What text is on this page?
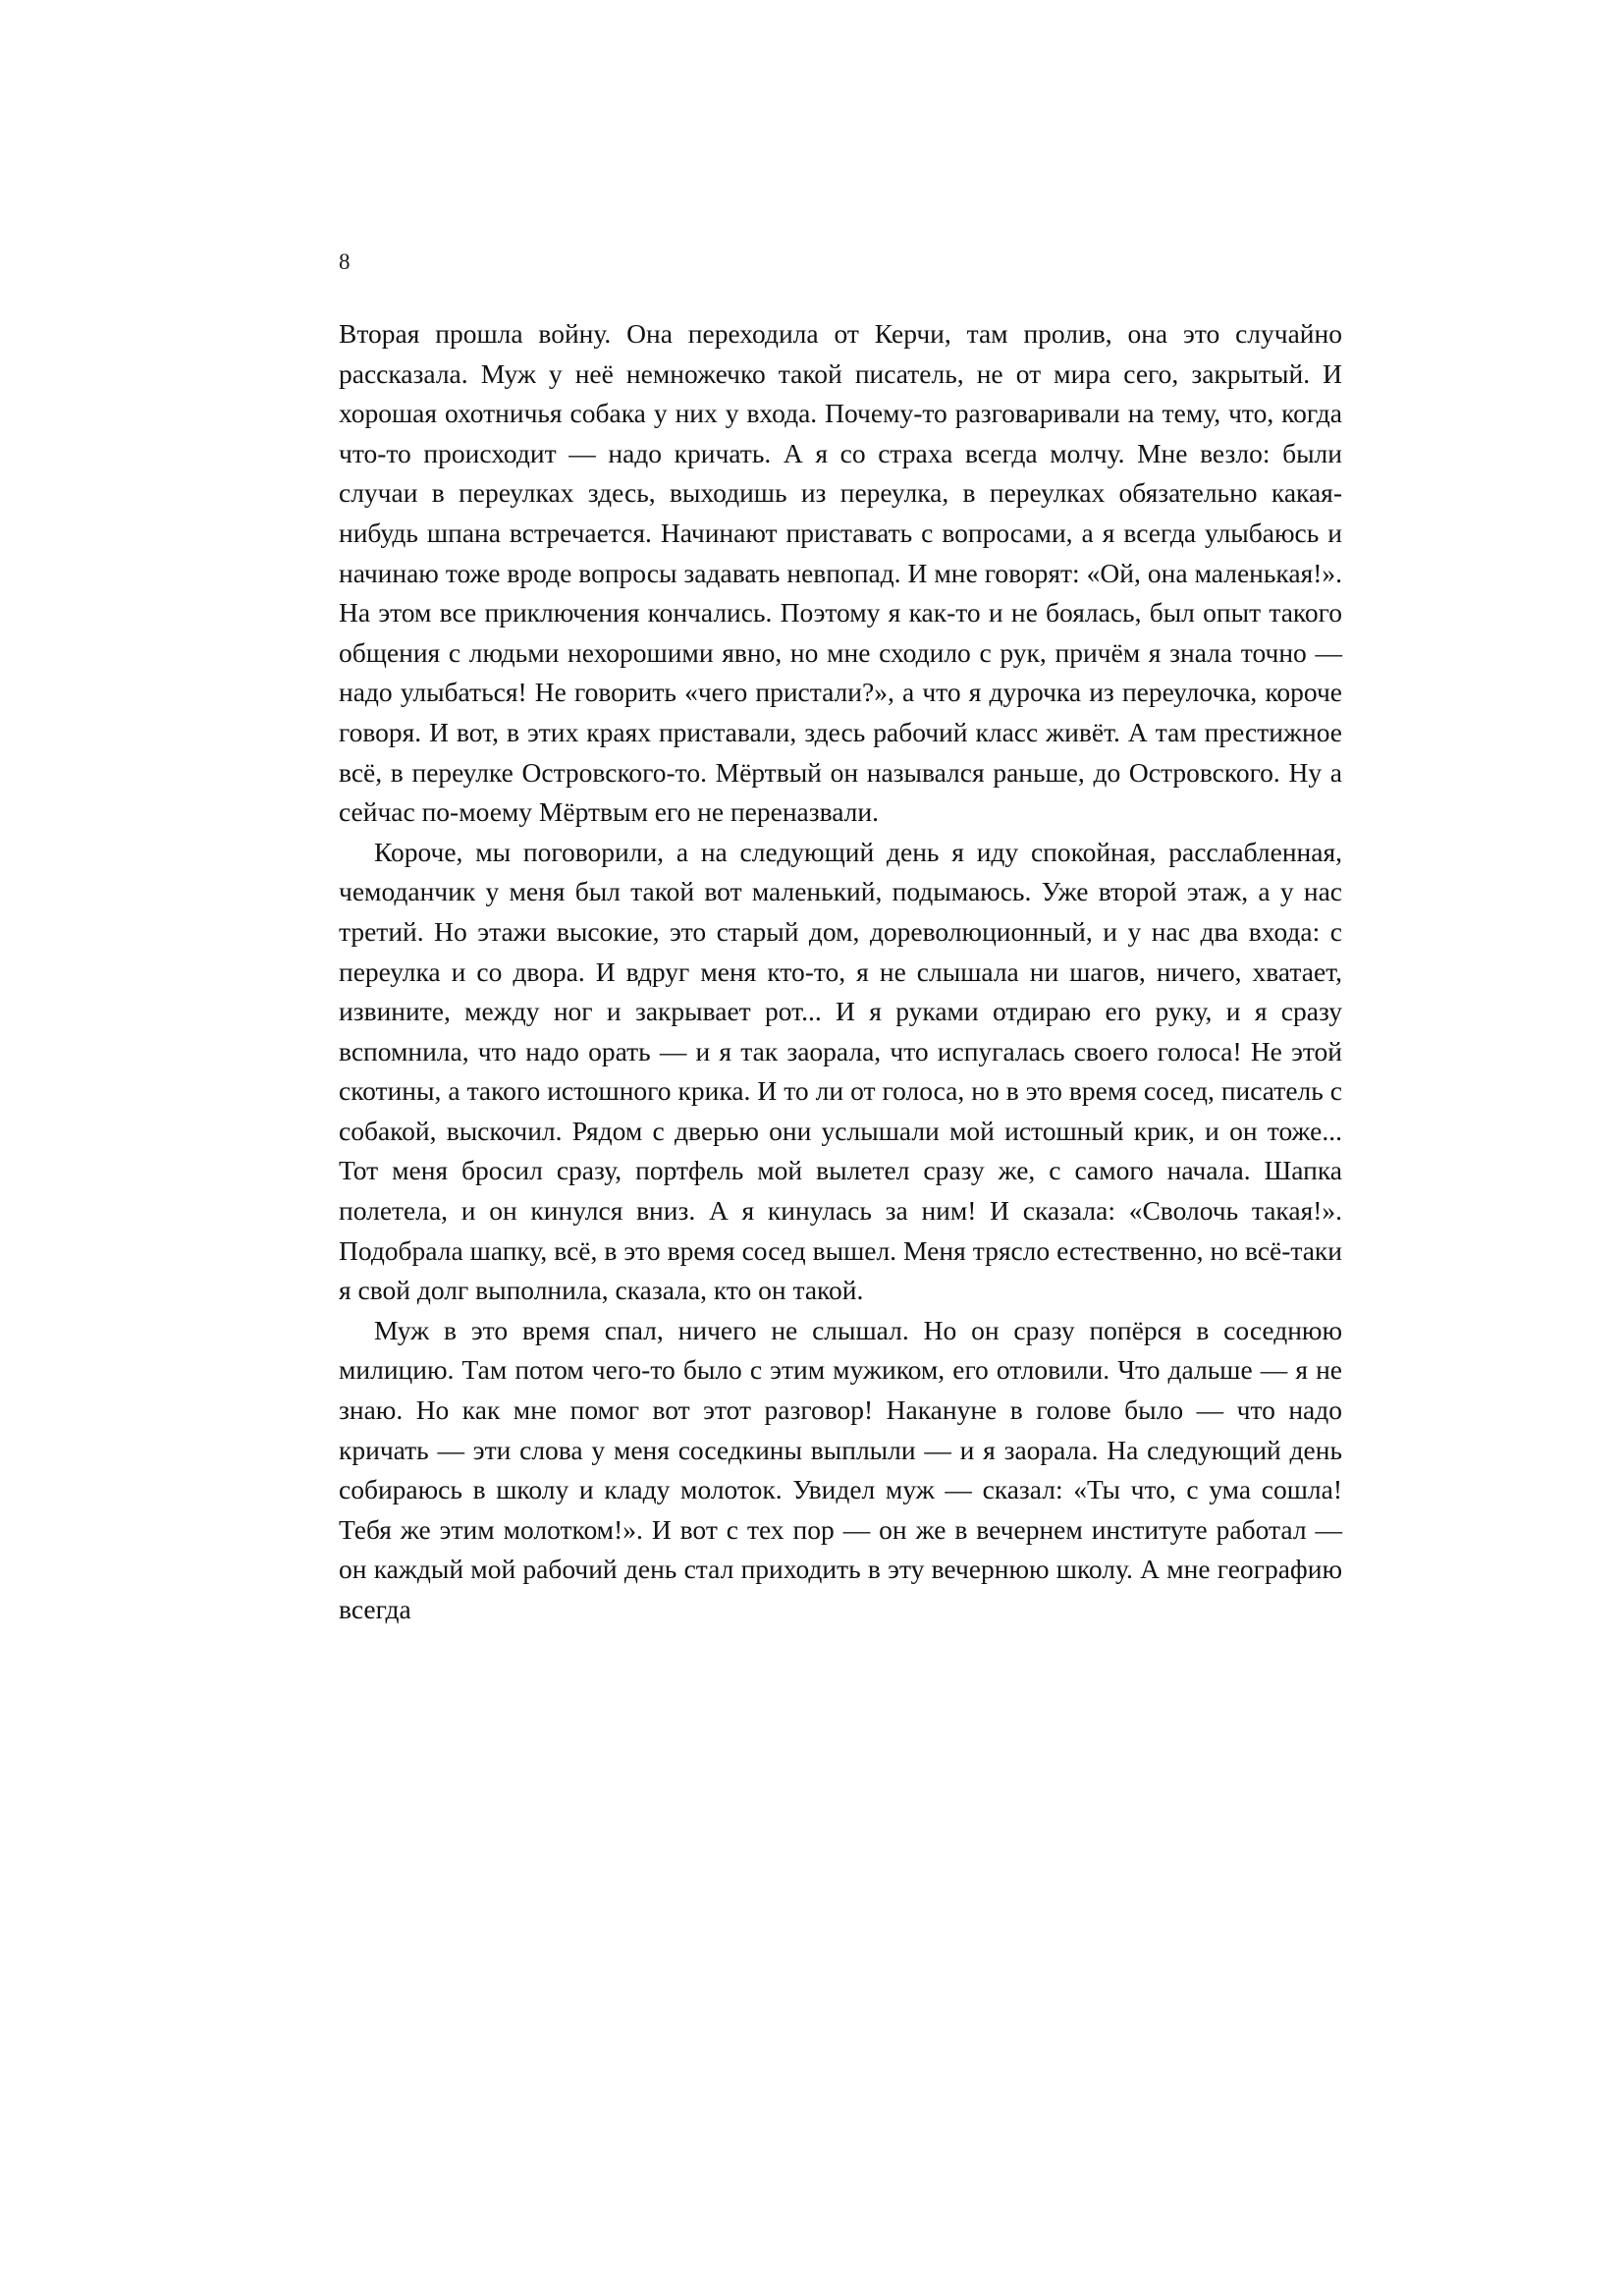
8

Вторая прошла войну. Она переходила от Керчи, там пролив, она это случайно рассказала. Муж у неё немножечко такой писатель, не от мира сего, закрытый. И хорошая охотничья собака у них у входа. Почему-то разговаривали на тему, что, когда что-то происходит — надо кричать. А я со страха всегда молчу. Мне везло: были случаи в переулках здесь, выходишь из переулка, в переулках обязательно какая-нибудь шпана встречается. Начинают приставать с вопросами, а я всегда улыбаюсь и начинаю тоже вроде вопросы задавать невпопад. И мне говорят: «Ой, она маленькая!». На этом все приключения кончались. Поэтому я как-то и не боялась, был опыт такого общения с людьми нехорошими явно, но мне сходило с рук, причём я знала точно — надо улыбаться! Не говорить «чего пристали?», а что я дурочка из переулочка, короче говоря. И вот, в этих краях приставали, здесь рабочий класс живёт. А там престижное всё, в переулке Островского-то. Мёртвый он назывался раньше, до Островского. Ну а сейчас по-моему Мёртвым его не переназвали.

Короче, мы поговорили, а на следующий день я иду спокойная, расслабленная, чемоданчик у меня был такой вот маленький, подымаюсь. Уже второй этаж, а у нас третий. Но этажи высокие, это старый дом, дореволюционный, и у нас два входа: с переулка и со двора. И вдруг меня кто-то, я не слышала ни шагов, ничего, хватает, извините, между ног и закрывает рот... И я руками отдираю его руку, и я сразу вспомнила, что надо орать — и я так заорала, что испугалась своего голоса! Не этой скотины, а такого истошного крика. И то ли от голоса, но в это время сосед, писатель с собакой, выскочил. Рядом с дверью они услышали мой истошный крик, и он тоже... Тот меня бросил сразу, портфель мой вылетел сразу же, с самого начала. Шапка полетела, и он кинулся вниз. А я кинулась за ним! И сказала: «Сволочь такая!». Подобрала шапку, всё, в это время сосед вышел. Меня трясло естественно, но всё-таки я свой долг выполнила, сказала, кто он такой.

Муж в это время спал, ничего не слышал. Но он сразу попёрся в соседнюю милицию. Там потом чего-то было с этим мужиком, его отловили. Что дальше — я не знаю. Но как мне помог вот этот разговор! Накануне в голове было — что надо кричать — эти слова у меня соседкины выплыли — и я заорала. На следующий день собираюсь в школу и кладу молоток. Увидел муж — сказал: «Ты что, с ума сошла! Тебя же этим молотком!». И вот с тех пор — он же в вечернем институте работал — он каждый мой рабочий день стал приходить в эту вечернюю школу. А мне географию всегда
